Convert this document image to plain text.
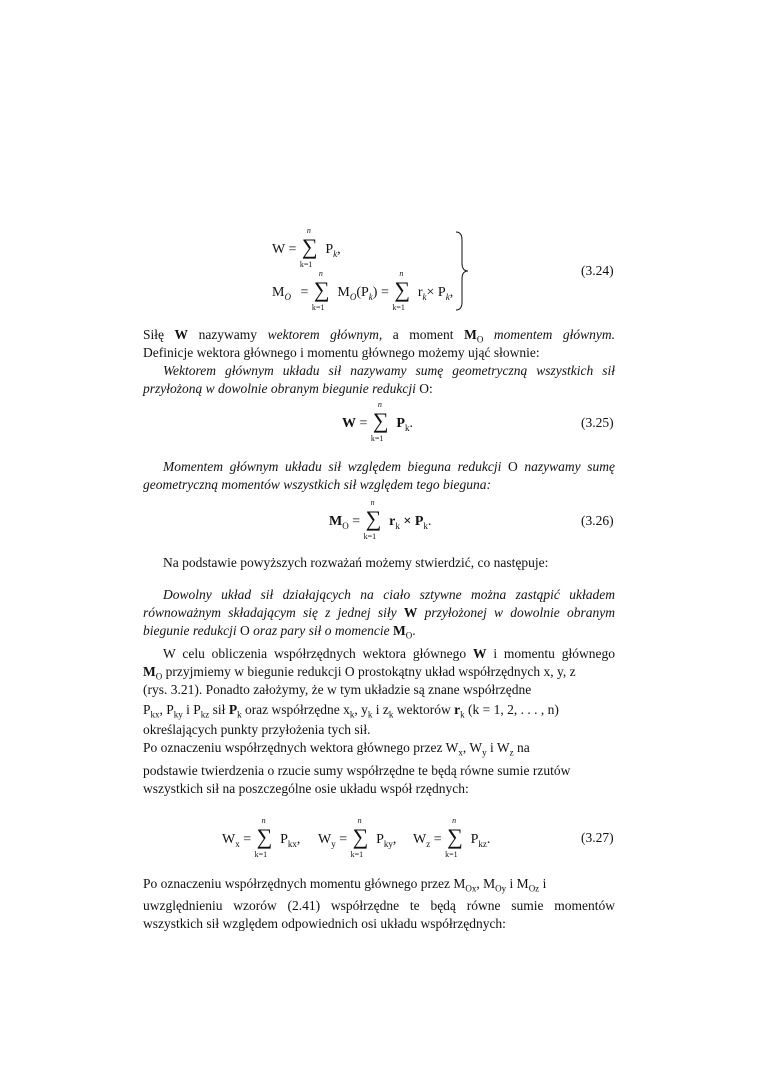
W = ∑
n
k=1
$P_k$,
$M_O$ = ∑
n
k=1
$M_O(P_k)$ = ∑
n
k=1
$r_k\times P_k$,
(3.24)
Siłę W nazywamy wektorem głównym, a moment $M_O$ momentem głównym.
Definicje wektora głównego i momentu głównego możemy ująć słownie:
Wektorem głównym układu sił nazywamy sumę geometryczną wszystkich sił
przyłożoną w dowolnie obranym biegunie redukcji O:
W = ∑
n
k=1
$P_k$.	(3.25)
Momentem głównym układu sił względem bieguna redukcji O nazywamy sumę
geometryczną momentów wszystkich sił względem tego bieguna:
$M_O$ = ∑
n
k=1
$r_k \times P_k$.	(3.26)
Na podstawie powyższych rozważań możemy stwierdzić, co następuje:
Dowolny układ sił działających na ciało sztywne można zastąpić układem
równoważnym składającym się z jednej siły W przyłożonej w dowolnie obranym
biegunie redukcji O oraz pary sił o momencie $M_O$.
W celu obliczenia współrzędnych wektora głównego W i momentu głównego
$M_O$ przyjmiemy w biegunie redukcji O prostokątny układ współrzędnych x, y, z
(rys. 3.21). Ponadto założymy, że w tym układzie są znane współrzędne
$P_{kx}$, $P_{ky}$ i $P_{kz}$ sił $P_k$ oraz współrzędne $x_k$, $y_k$ i $z_k$ wektorów $r_k$ (k = 1, 2, . . . , n)
określających punkty przyłożenia tych sił.
Po oznaczeniu współrzędnych wektora głównego przez $W_x$, $W_y$ i $W_z$ na
podstawie twierdzenia o rzucie sumy współrzędne te będą równe sumie rzutów
wszystkich sił na poszczególne osie układu współ rzędnych:
$W_x$ = ∑
n
k=1
$P_{kx}$, $W_y$ = ∑
n
k=1
$P_{ky}$, $W_z$ = ∑
n
k=1
$P_{kz}$.	(3.27)
Po oznaczeniu współrzędnych momentu głównego przez $M_{Ox}$, $M_{Oy}$ i $M_{Oz}$ i
uwzględnieniu wzorów (2.41) współrzędne te będą równe sumie momentów
wszystkich sił względem odpowiednich osi układu współrzędnych:
